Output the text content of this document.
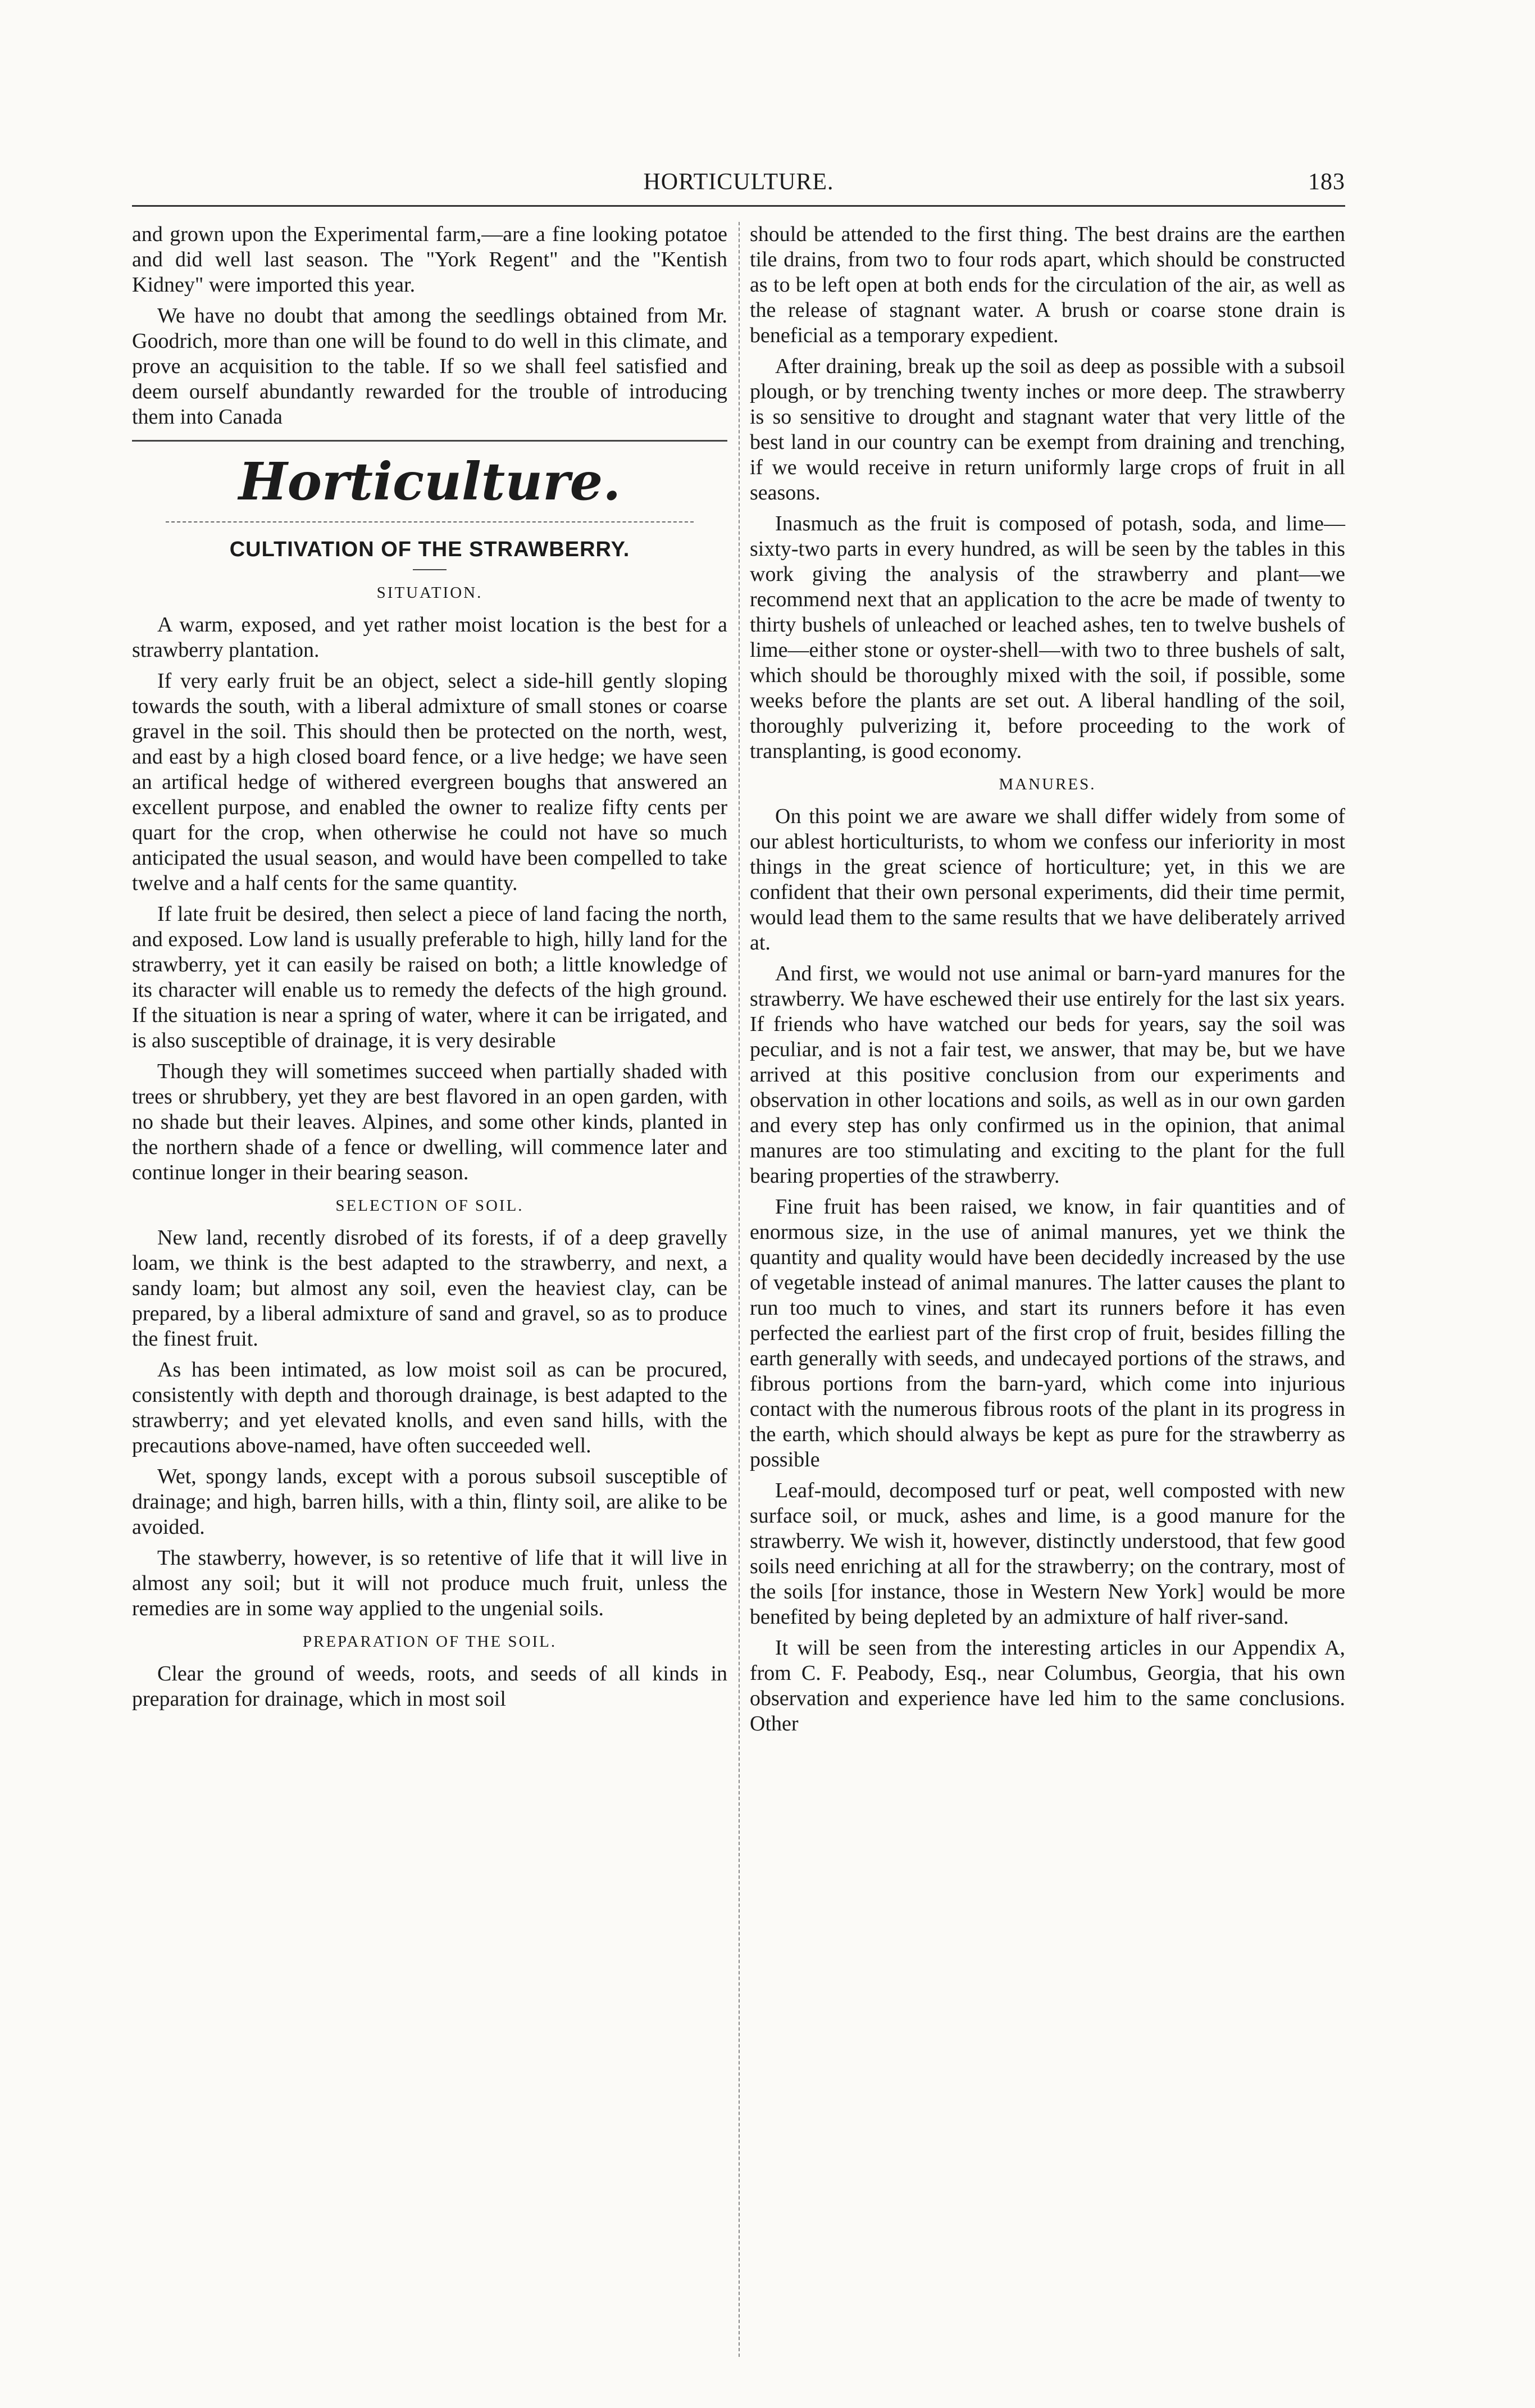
HORTICULTURE.	183

and grown upon the Experimental farm,—are a fine looking potatoe and did well last season. The "York Regent" and the "Kentish Kidney" were imported this year.

We have no doubt that among the seedlings obtained from Mr. Goodrich, more than one will be found to do well in this climate, and prove an acquisition to the table. If so we shall feel satisfied and deem ourself abundantly rewarded for the trouble of introducing them into Canada

Horticulture.
CULTIVATION OF THE STRAWBERRY.
SITUATION.

A warm, exposed, and yet rather moist location is the best for a strawberry plantation.

If very early fruit be an object, select a side-hill gently sloping towards the south, with a liberal admixture of small stones or coarse gravel in the soil. This should then be protected on the north, west, and east by a high closed board fence, or a live hedge; we have seen an artifical hedge of withered evergreen boughs that answered an excellent purpose, and enabled the owner to realize fifty cents per quart for the crop, when otherwise he could not have so much anticipated the usual season, and would have been compelled to take twelve and a half cents for the same quantity.

If late fruit be desired, then select a piece of land facing the north, and exposed. Low land is usually preferable to high, hilly land for the strawberry, yet it can easily be raised on both; a little knowledge of its character will enable us to remedy the defects of the high ground. If the situation is near a spring of water, where it can be irrigated, and is also susceptible of drainage, it is very desirable

Though they will sometimes succeed when partially shaded with trees or shrubbery, yet they are best flavored in an open garden, with no shade but their leaves. Alpines, and some other kinds, planted in the northern shade of a fence or dwelling, will commence later and continue longer in their bearing season.

SELECTION OF SOIL.

New land, recently disrobed of its forests, if of a deep gravelly loam, we think is the best adapted to the strawberry, and next, a sandy loam; but almost any soil, even the heaviest clay, can be prepared, by a liberal admixture of sand and gravel, so as to produce the finest fruit.

As has been intimated, as low moist soil as can be procured, consistently with depth and thorough drainage, is best adapted to the strawberry; and yet elevated knolls, and even sand hills, with the precautions above-named, have often succeeded well.

Wet, spongy lands, except with a porous subsoil susceptible of drainage; and high, barren hills, with a thin, flinty soil, are alike to be avoided.

The stawberry, however, is so retentive of life that it will live in almost any soil; but it will not produce much fruit, unless the remedies are in some way applied to the ungenial soils.

PREPARATION OF THE SOIL.

Clear the ground of weeds, roots, and seeds of all kinds in preparation for drainage, which in most soil

should be attended to the first thing. The best drains are the earthen tile drains, from two to four rods apart, which should be constructed as to be left open at both ends for the circulation of the air, as well as the release of stagnant water. A brush or coarse stone drain is beneficial as a temporary expedient.

After draining, break up the soil as deep as possible with a subsoil plough, or by trenching twenty inches or more deep. The strawberry is so sensitive to drought and stagnant water that very little of the best land in our country can be exempt from draining and trenching, if we would receive in return uniformly large crops of fruit in all seasons.

Inasmuch as the fruit is composed of potash, soda, and lime—sixty-two parts in every hundred, as will be seen by the tables in this work giving the analysis of the strawberry and plant—we recommend next that an application to the acre be made of twenty to thirty bushels of unleached or leached ashes, ten to twelve bushels of lime—either stone or oyster-shell—with two to three bushels of salt, which should be thoroughly mixed with the soil, if possible, some weeks before the plants are set out. A liberal handling of the soil, thoroughly pulverizing it, before proceeding to the work of transplanting, is good economy.

MANURES.

On this point we are aware we shall differ widely from some of our ablest horticulturists, to whom we confess our inferiority in most things in the great science of horticulture; yet, in this we are confident that their own personal experiments, did their time permit, would lead them to the same results that we have deliberately arrived at.

And first, we would not use animal or barn-yard manures for the strawberry. We have eschewed their use entirely for the last six years. If friends who have watched our beds for years, say the soil was peculiar, and is not a fair test, we answer, that may be, but we have arrived at this positive conclusion from our experiments and observation in other locations and soils, as well as in our own garden and every step has only confirmed us in the opinion, that animal manures are too stimulating and exciting to the plant for the full bearing properties of the strawberry.

Fine fruit has been raised, we know, in fair quantities and of enormous size, in the use of animal manures, yet we think the quantity and quality would have been decidedly increased by the use of vegetable instead of animal manures. The latter causes the plant to run too much to vines, and start its runners before it has even perfected the earliest part of the first crop of fruit, besides filling the earth generally with seeds, and undecayed portions of the straws, and fibrous portions from the barn-yard, which come into injurious contact with the numerous fibrous roots of the plant in its progress in the earth, which should always be kept as pure for the strawberry as possible

Leaf-mould, decomposed turf or peat, well composted with new surface soil, or muck, ashes and lime, is a good manure for the strawberry. We wish it, however, distinctly understood, that few good soils need enriching at all for the strawberry; on the contrary, most of the soils [for instance, those in Western New York] would be more benefited by being depleted by an admixture of half river-sand.

It will be seen from the interesting articles in our Appendix A, from C. F. Peabody, Esq., near Columbus, Georgia, that his own observation and experience have led him to the same conclusions. Other
